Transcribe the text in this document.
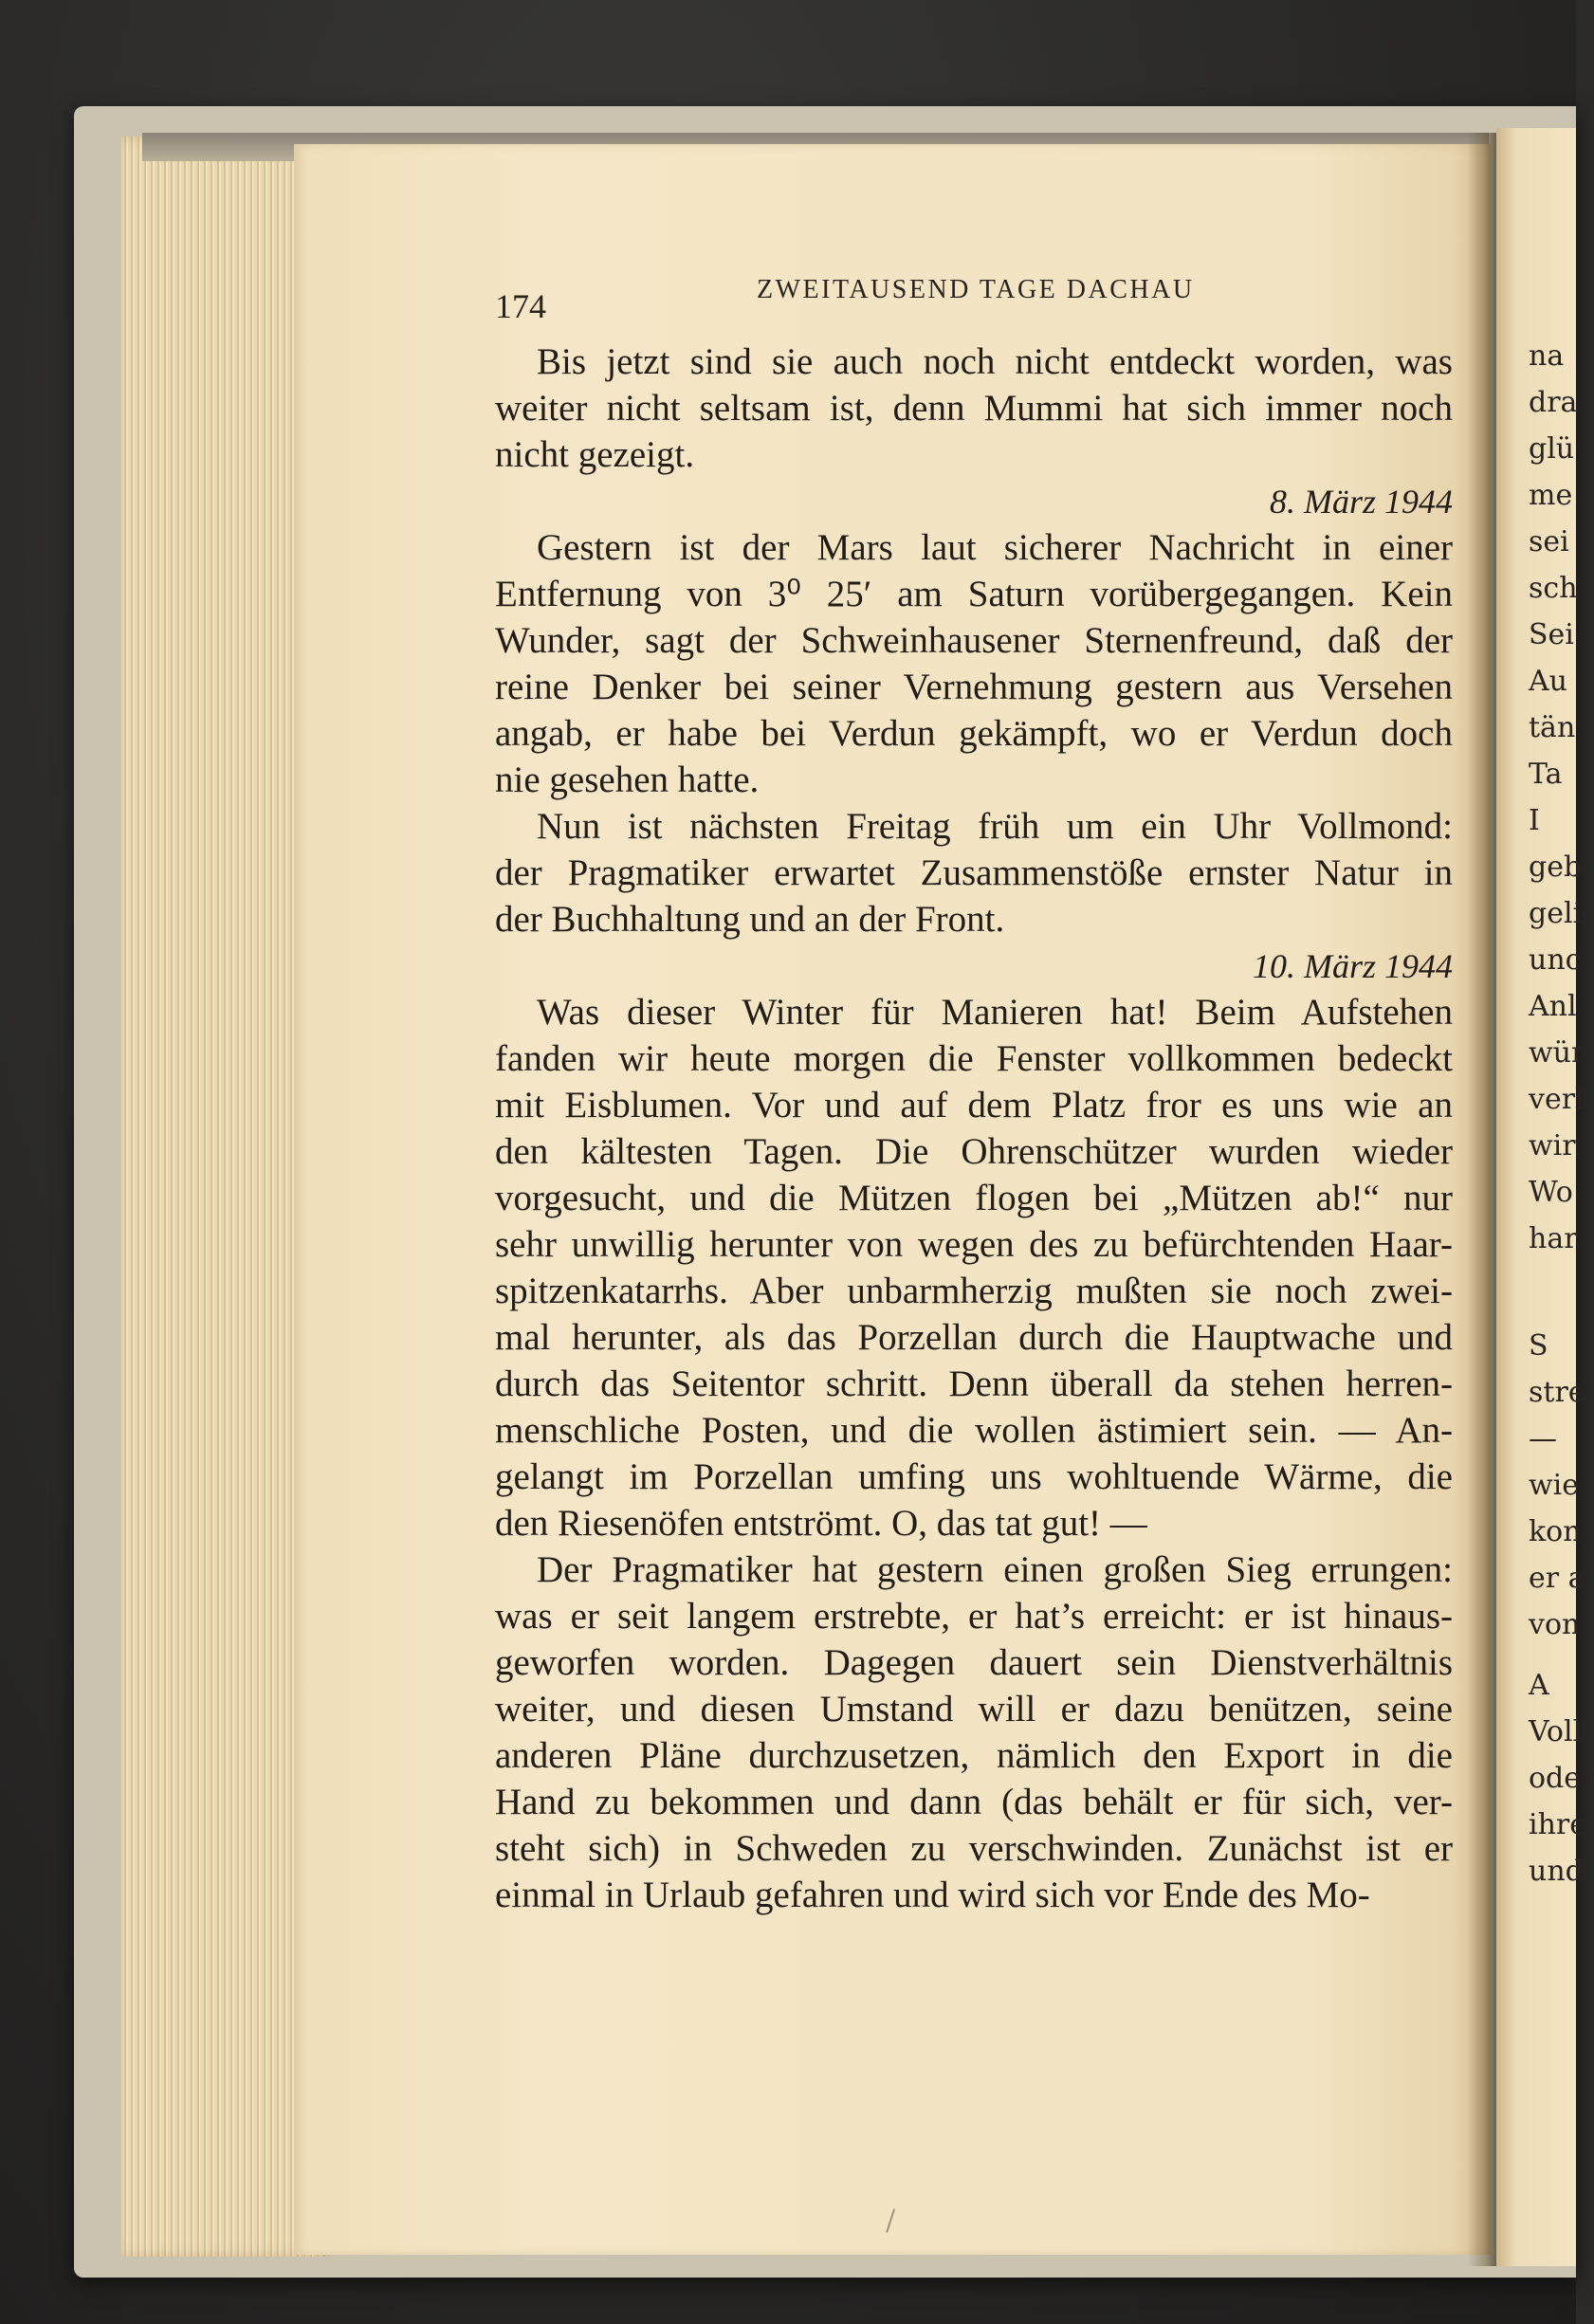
174	ZWEITAUSEND TAGE DACHAU
Bis jetzt sind sie auch noch nicht entdeckt worden, was
weiter nicht seltsam ist, denn Mummi hat sich immer noch
nicht gezeigt.
8. März 1944
Gestern ist der Mars laut sicherer Nachricht in einer
Entfernung von 3⁰ 25′ am Saturn vorübergegangen. Kein
Wunder, sagt der Schweinhausener Sternenfreund, daß der
reine Denker bei seiner Vernehmung gestern aus Versehen
angab, er habe bei Verdun gekämpft, wo er Verdun doch
nie gesehen hatte.
Nun ist nächsten Freitag früh um ein Uhr Vollmond:
der Pragmatiker erwartet Zusammenstöße ernster Natur in
der Buchhaltung und an der Front.
10. März 1944
Was dieser Winter für Manieren hat! Beim Aufstehen
fanden wir heute morgen die Fenster vollkommen bedeckt
mit Eisblumen. Vor und auf dem Platz fror es uns wie an
den kältesten Tagen. Die Ohrenschützer wurden wieder
vorgesucht, und die Mützen flogen bei „Mützen ab!“ nur
sehr unwillig herunter von wegen des zu befürchtenden Haar-
spitzenkatarrhs. Aber unbarmherzig mußten sie noch zwei-
mal herunter, als das Porzellan durch die Hauptwache und
durch das Seitentor schritt. Denn überall da stehen herren-
menschliche Posten, und die wollen ästimiert sein. — An-
gelangt im Porzellan umfing uns wohltuende Wärme, die
den Riesenöfen entströmt. O, das tat gut! —
Der Pragmatiker hat gestern einen großen Sieg errungen:
was er seit langem erstrebte, er hat’s erreicht: er ist hinaus-
geworfen worden. Dagegen dauert sein Dienstverhältnis
weiter, und diesen Umstand will er dazu benützen, seine
anderen Pläne durchzusetzen, nämlich den Export in die
Hand zu bekommen und dann (das behält er für sich, ver-
steht sich) in Schweden zu verschwinden. Zunächst ist er
einmal in Urlaub gefahren und wird sich vor Ende des Mo-
na
dra
glü
me
sei
sch
Sei
Au
tän
Ta
I
geb
geli
unc
Anl
wür
verl
wir
Wo
har
S
stre
—
wie
kon
er a
von
A
Voll
oder
ihre
und
